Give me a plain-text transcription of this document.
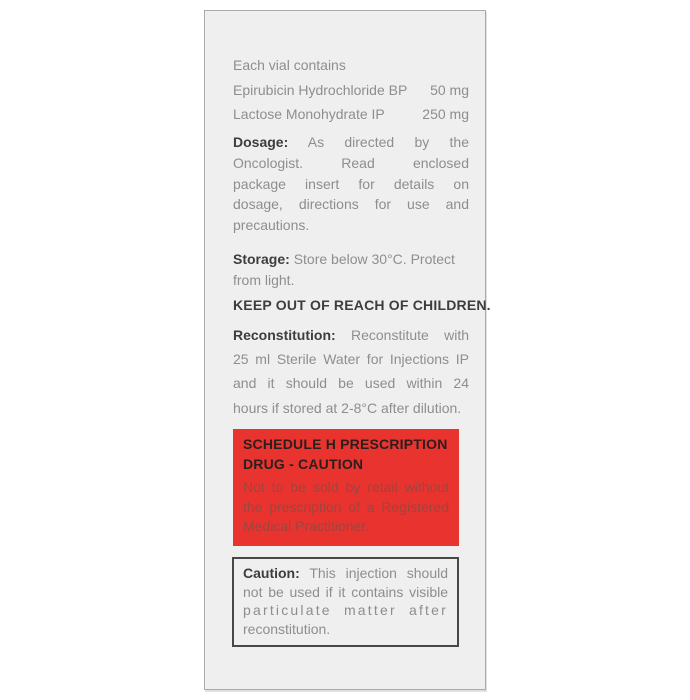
Each vial contains
Epirubicin Hydrochloride BP 50 mg
Lactose Monohydrate IP	250 mg
Dosage: As directed by the
Oncologist. Read enclosed
package insert for details on
dosage, directions for use and
precautions.
Storage: Store below 30°C. Protect
from light.
KEEP OUT OF REACH OF CHILDREN.
Reconstitution: Reconstitute with
25 ml Sterile Water for Injections IP
and it should be used within 24
hours if stored at 2-8°C after dilution.
SCHEDULE H PRESCRIPTION
DRUG - CAUTION
Not to be sold by retail without
the prescription of a Registered
Medical Practitioner.
Caution: This injection should
not be used if it contains visible
particulate matter after
reconstitution.
